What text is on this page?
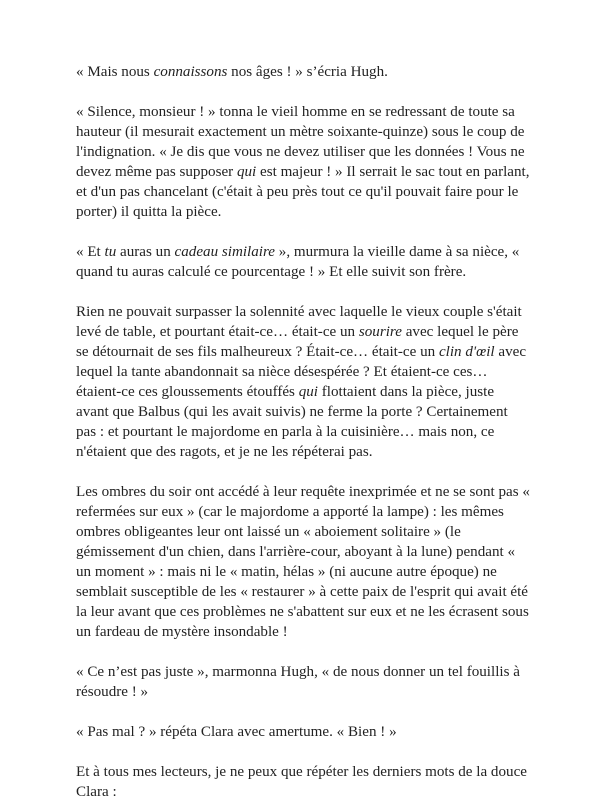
« Mais nous connaissons nos âges ! » s’écria Hugh.

« Silence, monsieur ! » tonna le vieil homme en se redressant de toute sa hauteur (il mesurait exactement un mètre soixante-quinze) sous le coup de l'indignation. « Je dis que vous ne devez utiliser que les données ! Vous ne devez même pas supposer qui est majeur ! » Il serrait le sac tout en parlant, et d'un pas chancelant (c'était à peu près tout ce qu'il pouvait faire pour le porter) il quitta la pièce.

« Et tu auras un cadeau similaire », murmura la vieille dame à sa nièce, « quand tu auras calculé ce pourcentage ! » Et elle suivit son frère.

Rien ne pouvait surpasser la solennité avec laquelle le vieux couple s'était levé de table, et pourtant était-ce… était-ce un sourire avec lequel le père se détournait de ses fils malheureux ? Était-ce… était-ce un clin d'œil avec lequel la tante abandonnait sa nièce désespérée ? Et étaient-ce ces… étaient-ce ces gloussements étouffés qui flottaient dans la pièce, juste avant que Balbus (qui les avait suivis) ne ferme la porte ? Certainement pas : et pourtant le majordome en parla à la cuisinière… mais non, ce n'étaient que des ragots, et je ne les répéterai pas.

Les ombres du soir ont accédé à leur requête inexprimée et ne se sont pas « refermées sur eux » (car le majordome a apporté la lampe) : les mêmes ombres obligeantes leur ont laissé un « aboiement solitaire » (le gémissement d'un chien, dans l'arrière-cour, aboyant à la lune) pendant « un moment » : mais ni le « matin, hélas » (ni aucune autre époque) ne semblait susceptible de les « restaurer » à cette paix de l'esprit qui avait été la leur avant que ces problèmes ne s'abattent sur eux et ne les écrasent sous un fardeau de mystère insondable !

« Ce n’est pas juste », marmonna Hugh, « de nous donner un tel fouillis à résoudre ! »

« Pas mal ? » répéta Clara avec amertume. « Bien ! »

Et à tous mes lecteurs, je ne peux que répéter les derniers mots de la douce Clara :
